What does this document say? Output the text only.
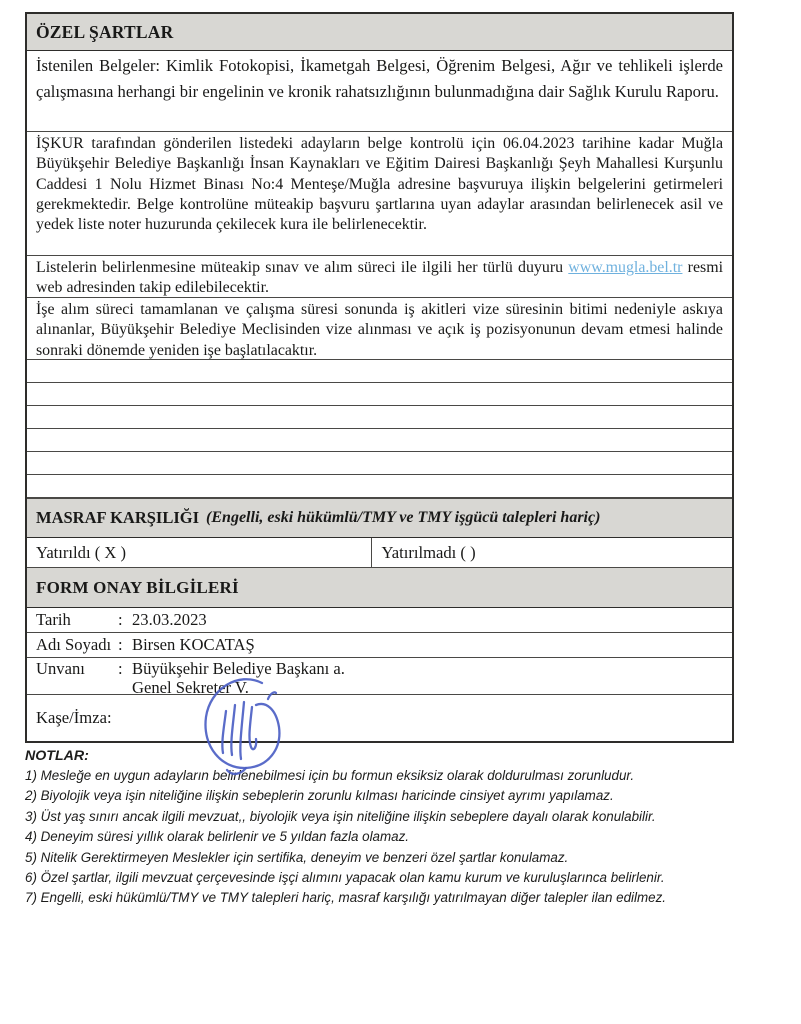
ÖZEL ŞARTLAR
İstenilen Belgeler: Kimlik Fotokopisi, İkametgah Belgesi, Öğrenim Belgesi, Ağır ve tehlikeli işlerde çalışmasına herhangi bir engelinin ve kronik rahatsızlığının bulunmadığına dair Sağlık Kurulu Raporu.
İŞKUR tarafından gönderilen listedeki adayların belge kontrolü için 06.04.2023 tarihine kadar Muğla Büyükşehir Belediye Başkanlığı İnsan Kaynakları ve Eğitim Dairesi Başkanlığı Şeyh Mahallesi Kurşunlu Caddesi 1 Nolu Hizmet Binası No:4 Menteşe/Muğla adresine başvuruya ilişkin belgelerini getirmeleri gerekmektedir. Belge kontrolüne müteakip başvuru şartlarına uyan adaylar arasından belirlenecek asil ve yedek liste noter huzurunda çekilecek kura ile belirlenecektir.
Listelerin belirlenmesine müteakip sınav ve alım süreci ile ilgili her türlü duyuru www.mugla.bel.tr resmi web adresinden takip edilebilecektir.
İşe alım süreci tamamlanan ve çalışma süresi sonunda iş akitleri vize süresinin bitimi nedeniyle askıya alınanlar, Büyükşehir Belediye Meclisinden vize alınması ve açık iş pozisyonunun devam etmesi halinde sonraki dönemde yeniden işe başlatılacaktır.
MASRAF KARŞILIĞI (Engelli, eski hükümlü/TMY ve TMY işgücü talepleri hariç)
Yatırıldı ( X )	Yatırılmadı ( )
FORM ONAY BİLGİLERİ
Tarih	: 23.03.2023
Adı Soyadı : Birsen KOCATAŞ
Unvanı	: Büyükşehir Belediye Başkanı a.
Genel Sekreter V.
Kaşe/İmza:
NOTLAR:
1) Mesleğe en uygun adayların belirlenebilmesi için bu formun eksiksiz olarak doldurulması zorunludur.
2) Biyolojik veya işin niteliğine ilişkin sebeplerin zorunlu kılması haricinde cinsiyet ayrımı yapılamaz.
3) Üst yaş sınırı ancak ilgili mevzuat,, biyolojik veya işin niteliğine ilişkin sebeplere dayalı olarak konulabilir.
4) Deneyim süresi yıllık olarak belirlenir ve 5 yıldan fazla olamaz.
5) Nitelik Gerektirmeyen Meslekler için sertifika, deneyim ve benzeri özel şartlar konulamaz.
6) Özel şartlar, ilgili mevzuat çerçevesinde işçi alımını yapacak olan kamu kurum ve kuruluşlarınca belirlenir.
7) Engelli, eski hükümlü/TMY ve TMY talepleri hariç, masraf karşılığı yatırılmayan diğer talepler ilan edilmez.
